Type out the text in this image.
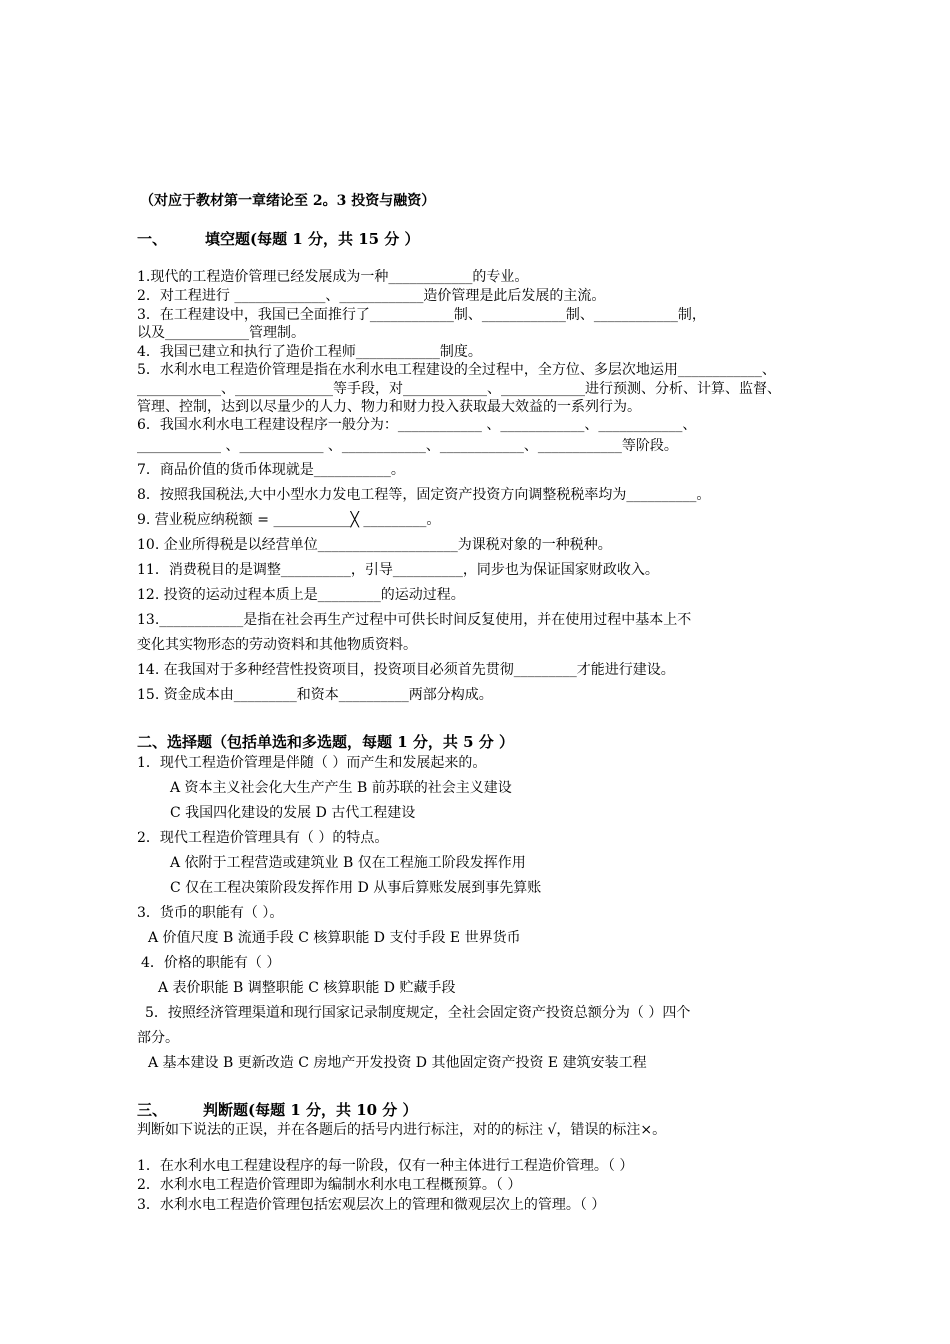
（对应于教材第一章绪论至 2。3 投资与融资）
一、	填空题(每题 1 分，共 15 分 ）
1.现代的工程造价管理已经发展成为一种____________的专业。
2．对工程进行 _____________、____________造价管理是此后发展的主流。
3．在工程建设中，我国已全面推行了____________制、____________制、____________制，
以及____________管理制。
4．我国已建立和执行了造价工程师____________制度。
5．水利水电工程造价管理是指在水利水电工程建设的全过程中，全方位、多层次地运用____________、
____________、______________等手段，对____________、____________进行预测、分析、计算、监督、
管理、控制，达到以尽量少的人力、物力和财力投入获取最大效益的一系列行为。
6．我国水利水电工程建设程序一般分为：____________ 、____________、____________、
____________ 、____________ 、____________、____________、____________等阶段。
7．商品价值的货币体现就是___________。
8．按照我国税法,大中小型水力发电工程等，固定资产投资方向调整税税率均为__________。
9. 营业税应纳税额 = ___________╳ _________。
10. 企业所得税是以经营单位____________________为课税对象的一种税种。
11．消费税目的是调整__________，引导__________，同步也为保证国家财政收入。
12. 投资的运动过程本质上是_________的运动过程。
13.____________是指在社会再生产过程中可供长时间反复使用，并在使用过程中基本上不
变化其实物形态的劳动资料和其他物质资料。
14. 在我国对于多种经营性投资项目，投资项目必须首先贯彻_________才能进行建设。
15. 资金成本由_________和资本__________两部分构成。
二、选择题（包括单选和多选题，每题 1 分，共 5 分 ）
1．现代工程造价管理是伴随（ ）而产生和发展起来的。
A 资本主义社会化大生产产生 B 前苏联的社会主义建设
C 我国四化建设的发展 D 古代工程建设
2．现代工程造价管理具有（ ）的特点。
A 依附于工程营造或建筑业 B 仅在工程施工阶段发挥作用
C 仅在工程决策阶段发挥作用 D 从事后算账发展到事先算账
3．货币的职能有（ ）。
A 价值尺度 B 流通手段 C 核算职能 D 支付手段 E 世界货币
4．价格的职能有（ ）
A 表价职能 B 调整职能 C 核算职能 D 贮藏手段
5．按照经济管理渠道和现行国家记录制度规定，全社会固定资产投资总额分为（ ）四个
部分。
A 基本建设 B 更新改造 C 房地产开发投资 D 其他固定资产投资 E 建筑安装工程
三、 判断题(每题 1 分，共 10 分 ）
判断如下说法的正误，并在各题后的括号内进行标注，对的的标注 √，错误的标注×。
1．在水利水电工程建设程序的每一阶段，仅有一种主体进行工程造价管理。（ ）
2．水利水电工程造价管理即为编制水利水电工程概预算。（ ）
3．水利水电工程造价管理包括宏观层次上的管理和微观层次上的管理。（ ）
